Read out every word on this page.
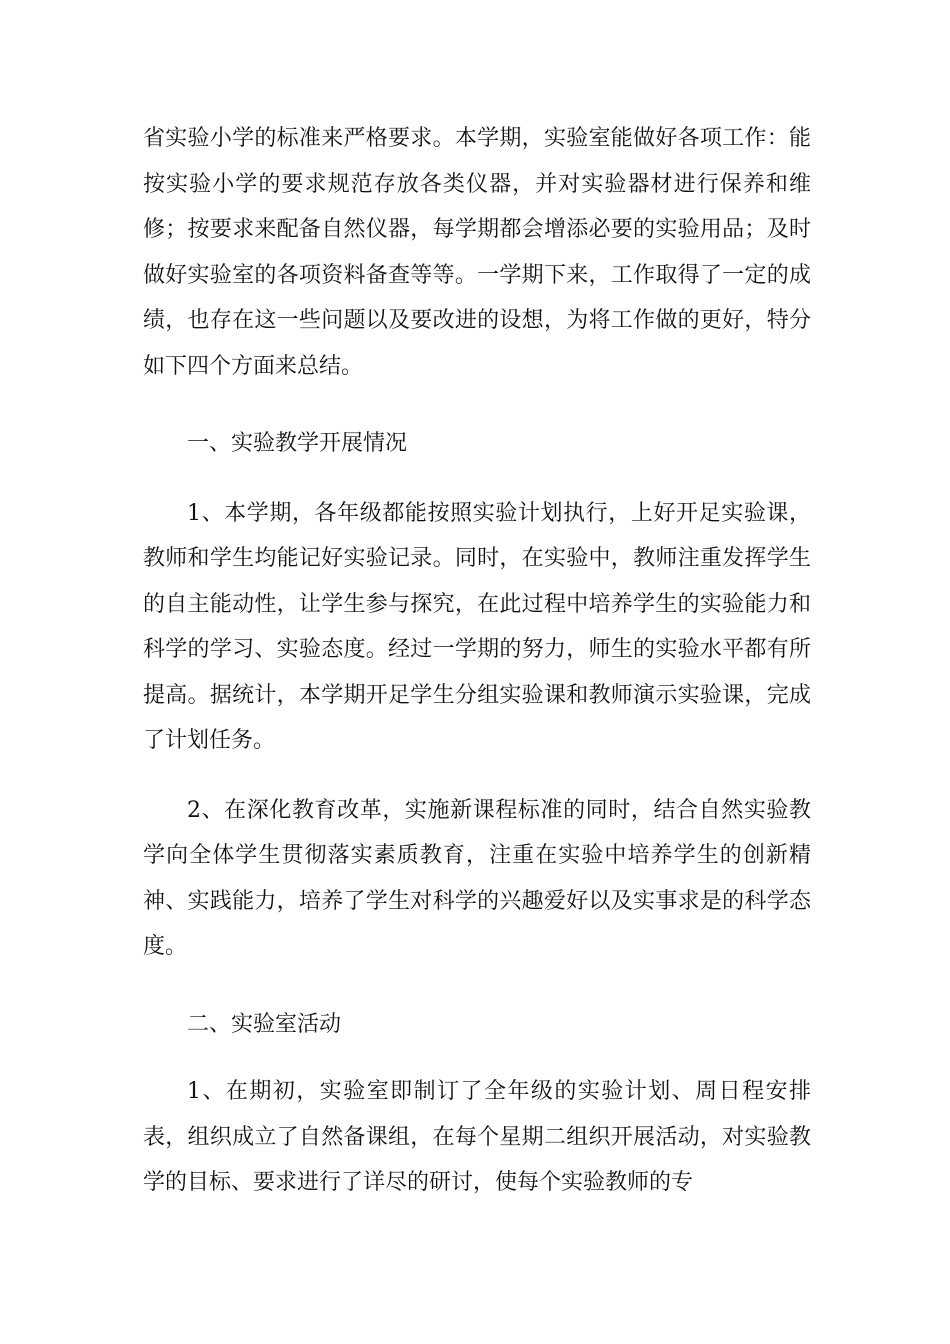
省实验小学的标准来严格要求。本学期，实验室能做好各项工作：能按实验小学的要求规范存放各类仪器，并对实验器材进行保养和维修；按要求来配备自然仪器，每学期都会增添必要的实验用品；及时做好实验室的各项资料备查等等。一学期下来，工作取得了一定的成绩，也存在这一些问题以及要改进的设想，为将工作做的更好，特分如下四个方面来总结。

一、实验教学开展情况

1、本学期，各年级都能按照实验计划执行，上好开足实验课，教师和学生均能记好实验记录。同时，在实验中，教师注重发挥学生的自主能动性，让学生参与探究，在此过程中培养学生的实验能力和科学的学习、实验态度。经过一学期的努力，师生的实验水平都有所提高。据统计，本学期开足学生分组实验课和教师演示实验课，完成了计划任务。

2、在深化教育改革，实施新课程标准的同时，结合自然实验教学向全体学生贯彻落实素质教育，注重在实验中培养学生的创新精神、实践能力，培养了学生对科学的兴趣爱好以及实事求是的科学态度。

二、实验室活动

1、在期初，实验室即制订了全年级的实验计划、周日程安排表，组织成立了自然备课组，在每个星期二组织开展活动，对实验教学的目标、要求进行了详尽的研讨，使每个实验教师的专
